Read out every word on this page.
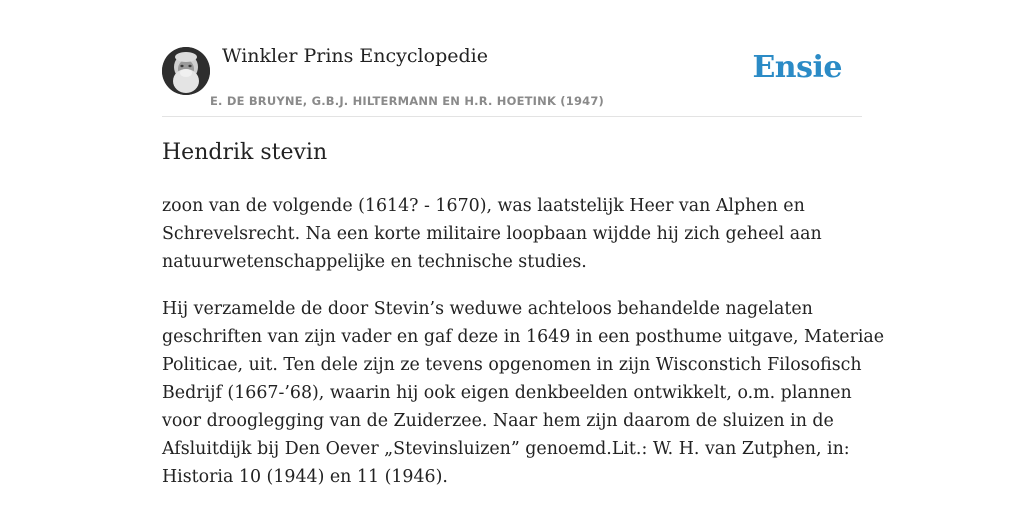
Winkler Prins Encyclopedie
E. DE BRUYNE, G.B.J. HILTERMANN EN H.R. HOETINK (1947)
Ensie
Hendrik stevin
zoon van de volgende (1614? - 1670), was laatstelijk Heer van Alphen en
Schrevelsrecht. Na een korte militaire loopbaan wijdde hij zich geheel aan
natuurwetenschappelijke en technische studies.
Hij verzamelde de door Stevin’s weduwe achteloos behandelde nagelaten
geschriften van zijn vader en gaf deze in 1649 in een posthume uitgave, Materiae
Politicae, uit. Ten dele zijn ze tevens opgenomen in zijn Wisconstich Filosofisch
Bedrijf (1667-’68), waarin hij ook eigen denkbeelden ontwikkelt, o.m. plannen
voor drooglegging van de Zuiderzee. Naar hem zijn daarom de sluizen in de
Afsluitdijk bij Den Oever „Stevinsluizen” genoemd.Lit.: W. H. van Zutphen, in:
Historia 10 (1944) en 11 (1946).
